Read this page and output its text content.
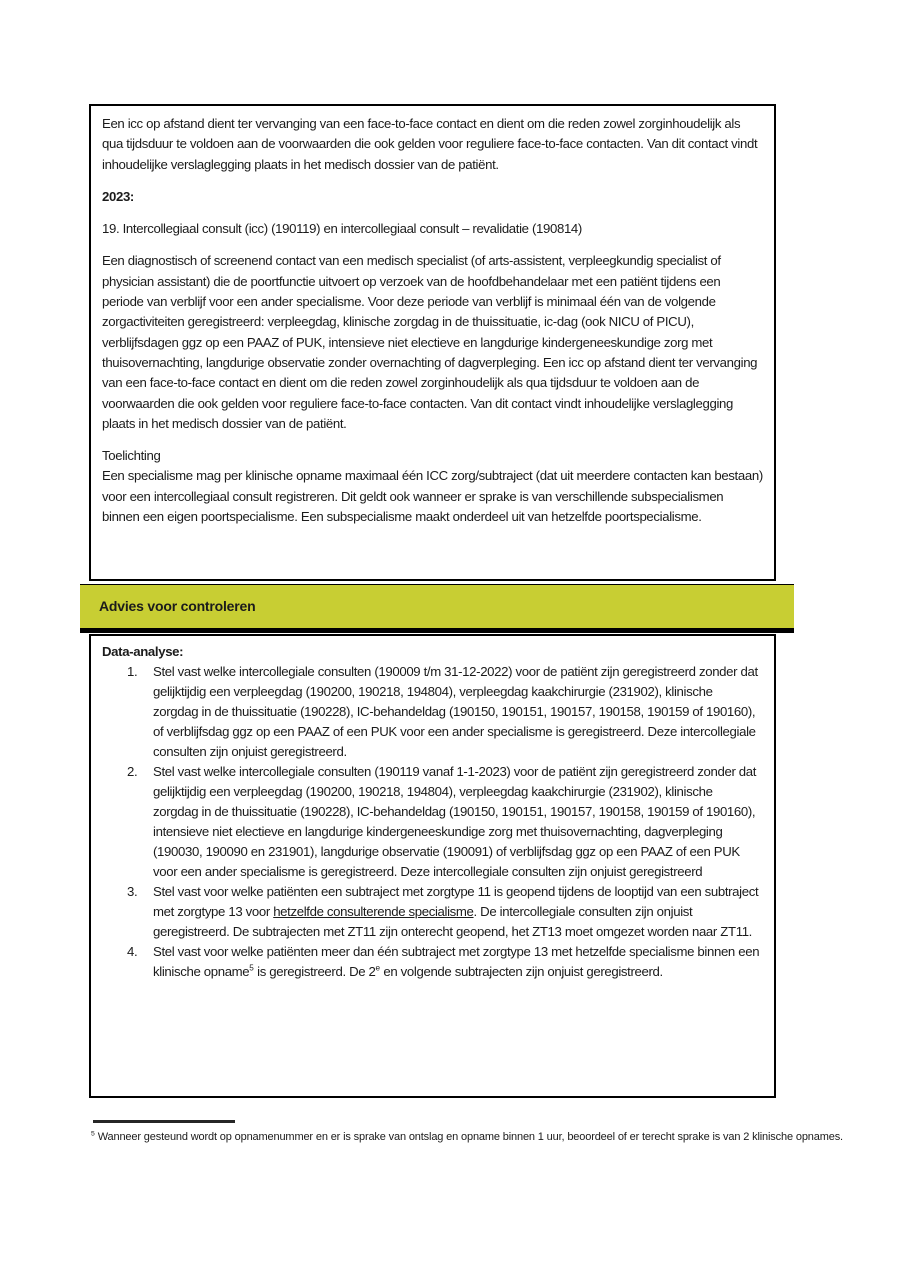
Een icc op afstand dient ter vervanging van een face-to-face contact en dient om die reden zowel zorginhoudelijk als qua tijdsduur te voldoen aan de voorwaarden die ook gelden voor reguliere face-to-face contacten. Van dit contact vindt inhoudelijke verslaglegging plaats in het medisch dossier van de patiënt.

2023:

19. Intercollegiaal consult (icc) (190119) en intercollegiaal consult – revalidatie (190814)

Een diagnostisch of screenend contact van een medisch specialist (of arts-assistent, verpleegkundig specialist of physician assistant) die de poortfunctie uitvoert op verzoek van de hoofdbehandelaar met een patiënt tijdens een periode van verblijf voor een ander specialisme. Voor deze periode van verblijf is minimaal één van de volgende zorgactiviteiten geregistreerd: verpleegdag, klinische zorgdag in de thuissituatie, ic-dag (ook NICU of PICU), verblijfsdagen ggz op een PAAZ of PUK, intensieve niet electieve en langdurige kindergeneeskundige zorg met thuisovernachting, langdurige observatie zonder overnachting of dagverpleging. Een icc op afstand dient ter vervanging van een face-to-face contact en dient om die reden zowel zorginhoudelijk als qua tijdsduur te voldoen aan de voorwaarden die ook gelden voor reguliere face-to-face contacten. Van dit contact vindt inhoudelijke verslaglegging plaats in het medisch dossier van de patiënt.

Toelichting
Een specialisme mag per klinische opname maximaal één ICC zorg/subtraject (dat uit meerdere contacten kan bestaan) voor een intercollegiaal consult registreren. Dit geldt ook wanneer er sprake is van verschillende subspecialismen binnen een eigen poortspecialisme. Een subspecialisme maakt onderdeel uit van hetzelfde poortspecialisme.

Advies voor controleren

Data-analyse:

1.	Stel vast welke intercollegiale consulten (190009 t/m 31-12-2022) voor de patiënt zijn geregistreerd zonder dat gelijktijdig een verpleegdag (190200, 190218, 194804), verpleegdag kaakchirurgie (231902), klinische zorgdag in de thuissituatie (190228), IC-behandeldag (190150, 190151, 190157, 190158, 190159 of 190160), of verblijfsdag ggz op een PAAZ of een PUK voor een ander specialisme is geregistreerd. Deze intercollegiale consulten zijn onjuist geregistreerd.
2.	Stel vast welke intercollegiale consulten (190119 vanaf 1-1-2023) voor de patiënt zijn geregistreerd zonder dat gelijktijdig een verpleegdag (190200, 190218, 194804), verpleegdag kaakchirurgie (231902), klinische zorgdag in de thuissituatie (190228), IC-behandeldag (190150, 190151, 190157, 190158, 190159 of 190160), intensieve niet electieve en langdurige kindergeneeskundige zorg met thuisovernachting, dagverpleging (190030, 190090 en 231901), langdurige observatie (190091) of verblijfsdag ggz op een PAAZ of een PUK voor een ander specialisme is geregistreerd. Deze intercollegiale consulten zijn onjuist geregistreerd
3.	Stel vast voor welke patiënten een subtraject met zorgtype 11 is geopend tijdens de looptijd van een subtraject met zorgtype 13 voor hetzelfde consulterende specialisme. De intercollegiale consulten zijn onjuist geregistreerd. De subtrajecten met ZT11 zijn onterecht geopend, het ZT13 moet omgezet worden naar ZT11.
4.	Stel vast voor welke patiënten meer dan één subtraject met zorgtype 13 met hetzelfde specialisme binnen een klinische opname$^5$ is geregistreerd. De 2e en volgende subtrajecten zijn onjuist geregistreerd.

$^5$ Wanneer gesteund wordt op opnamenummer en er is sprake van ontslag en opname binnen 1 uur, beoordeel of er terecht sprake is van 2 klinische opnames.
